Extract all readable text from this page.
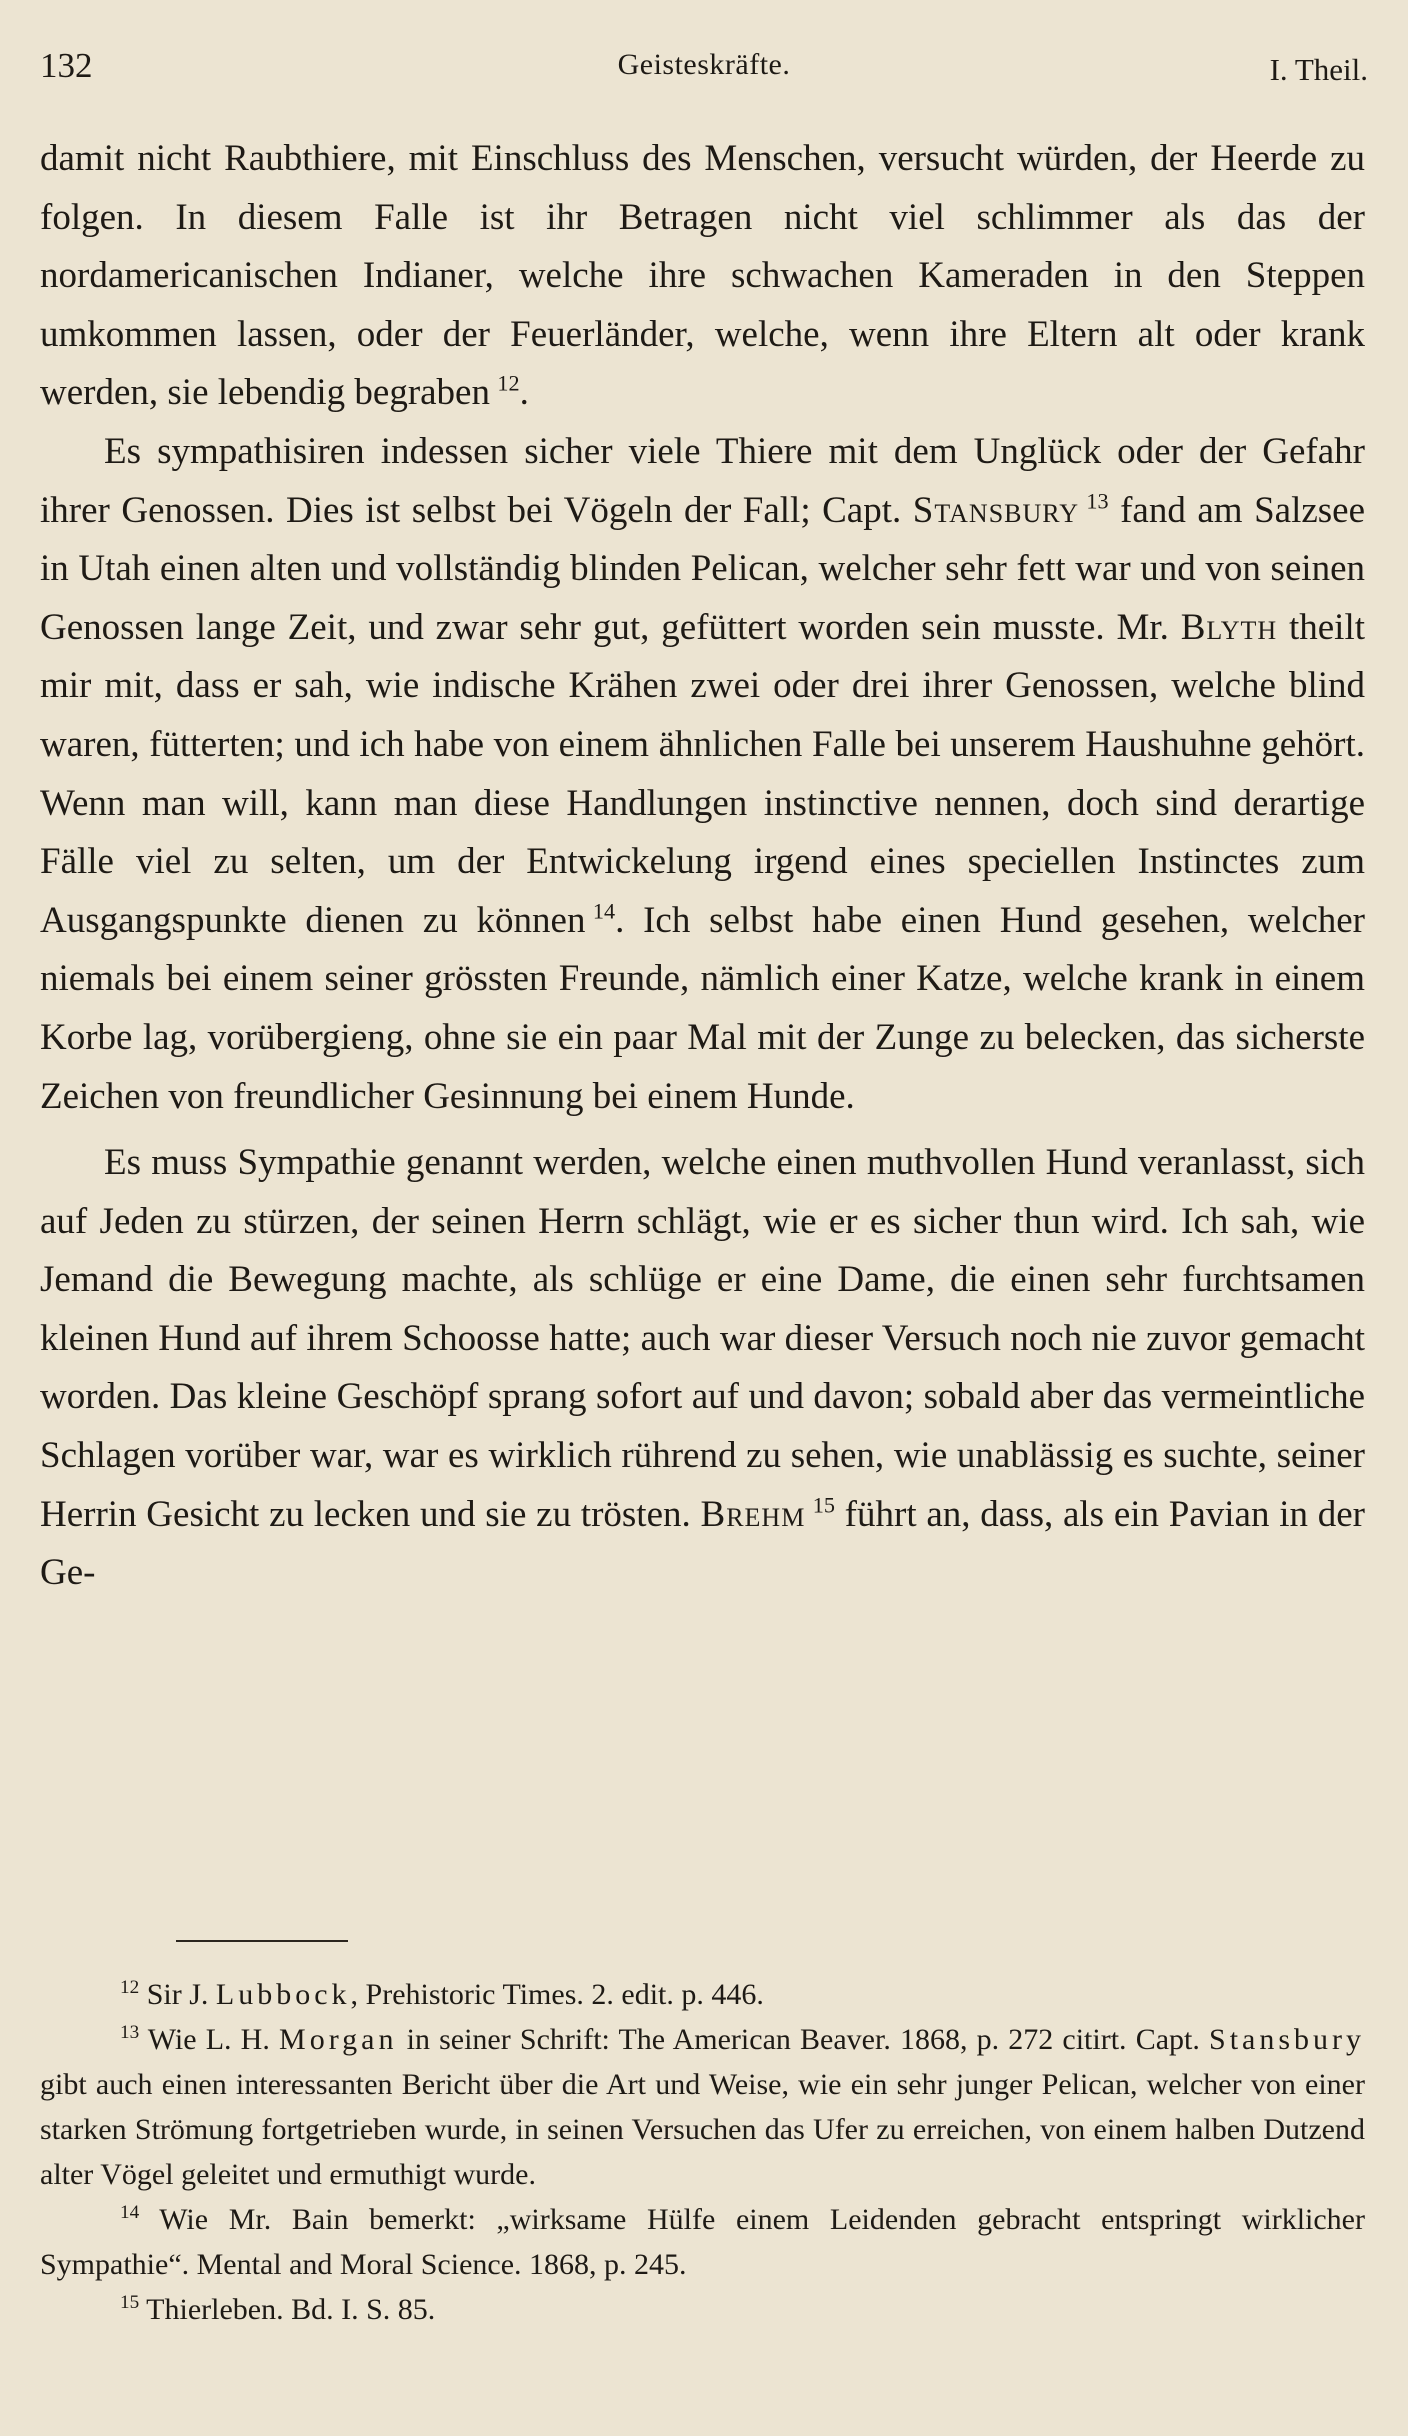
132	Geisteskräfte.	I. Theil.

damit nicht Raubthiere, mit Einschluss des Menschen, versucht würden, der Heerde zu folgen. In diesem Falle ist ihr Betragen nicht viel schlimmer als das der nordamericanischen Indianer, welche ihre schwachen Kameraden in den Steppen umkommen lassen, oder der Feuerländer, welche, wenn ihre Eltern alt oder krank werden, sie lebendig begraben  $^{12}$.

Es sympathisiren indessen sicher viele Thiere mit dem Unglück oder der Gefahr ihrer Genossen. Dies ist selbst bei Vögeln der Fall; Capt. Stansbury  $^{13}$ fand am Salzsee in Utah einen alten und vollständig blinden Pelican, welcher sehr fett war und von seinen Genossen lange Zeit, und zwar sehr gut, gefüttert worden sein musste. Mr. Blyth theilt mir mit, dass er sah, wie indische Krähen zwei oder drei ihrer Genossen, welche blind waren, fütterten; und ich habe von einem ähnlichen Falle bei unserem Haushuhne gehört. Wenn man will, kann man diese Handlungen instinctive nennen, doch sind derartige Fälle viel zu selten, um der Entwickelung irgend eines speciellen Instinctes zum Ausgangspunkte dienen zu können  $^{14}$. Ich selbst habe einen Hund gesehen, welcher niemals bei einem seiner grössten Freunde, nämlich einer Katze, welche krank in einem Korbe lag, vorübergieng, ohne sie ein paar Mal mit der Zunge zu belecken, das sicherste Zeichen von freundlicher Gesinnung bei einem Hunde.

Es muss Sympathie genannt werden, welche einen muthvollen Hund veranlasst, sich auf Jeden zu stürzen, der seinen Herrn schlägt, wie er es sicher thun wird. Ich sah, wie Jemand die Bewegung machte, als schlüge er eine Dame, die einen sehr furchtsamen kleinen Hund auf ihrem Schoosse hatte; auch war dieser Versuch noch nie zuvor gemacht worden. Das kleine Geschöpf sprang sofort auf und davon; sobald aber das vermeintliche Schlagen vorüber war, war es wirklich rührend zu sehen, wie unablässig es suchte, seiner Herrin Gesicht zu lecken und sie zu trösten. Brehm  $^{15}$ führt an, dass, als ein Pavian in der Ge-

$^{12}$ Sir J. Lubbock, Prehistoric Times. 2. edit. p. 446.

$^{13}$ Wie L. H. Morgan in seiner Schrift: The American Beaver. 1868, p. 272 citirt. Capt. Stansbury gibt auch einen interessanten Bericht über die Art und Weise, wie ein sehr junger Pelican, welcher von einer starken Strömung fortgetrieben wurde, in seinen Versuchen das Ufer zu erreichen, von einem halben Dutzend alter Vögel geleitet und ermuthigt wurde.

$^{14}$ Wie Mr. Bain bemerkt: „wirksame Hülfe einem Leidenden gebracht entspringt wirklicher Sympathie“. Mental and Moral Science. 1868, p. 245.

$^{15}$ Thierleben. Bd. I. S. 85.
